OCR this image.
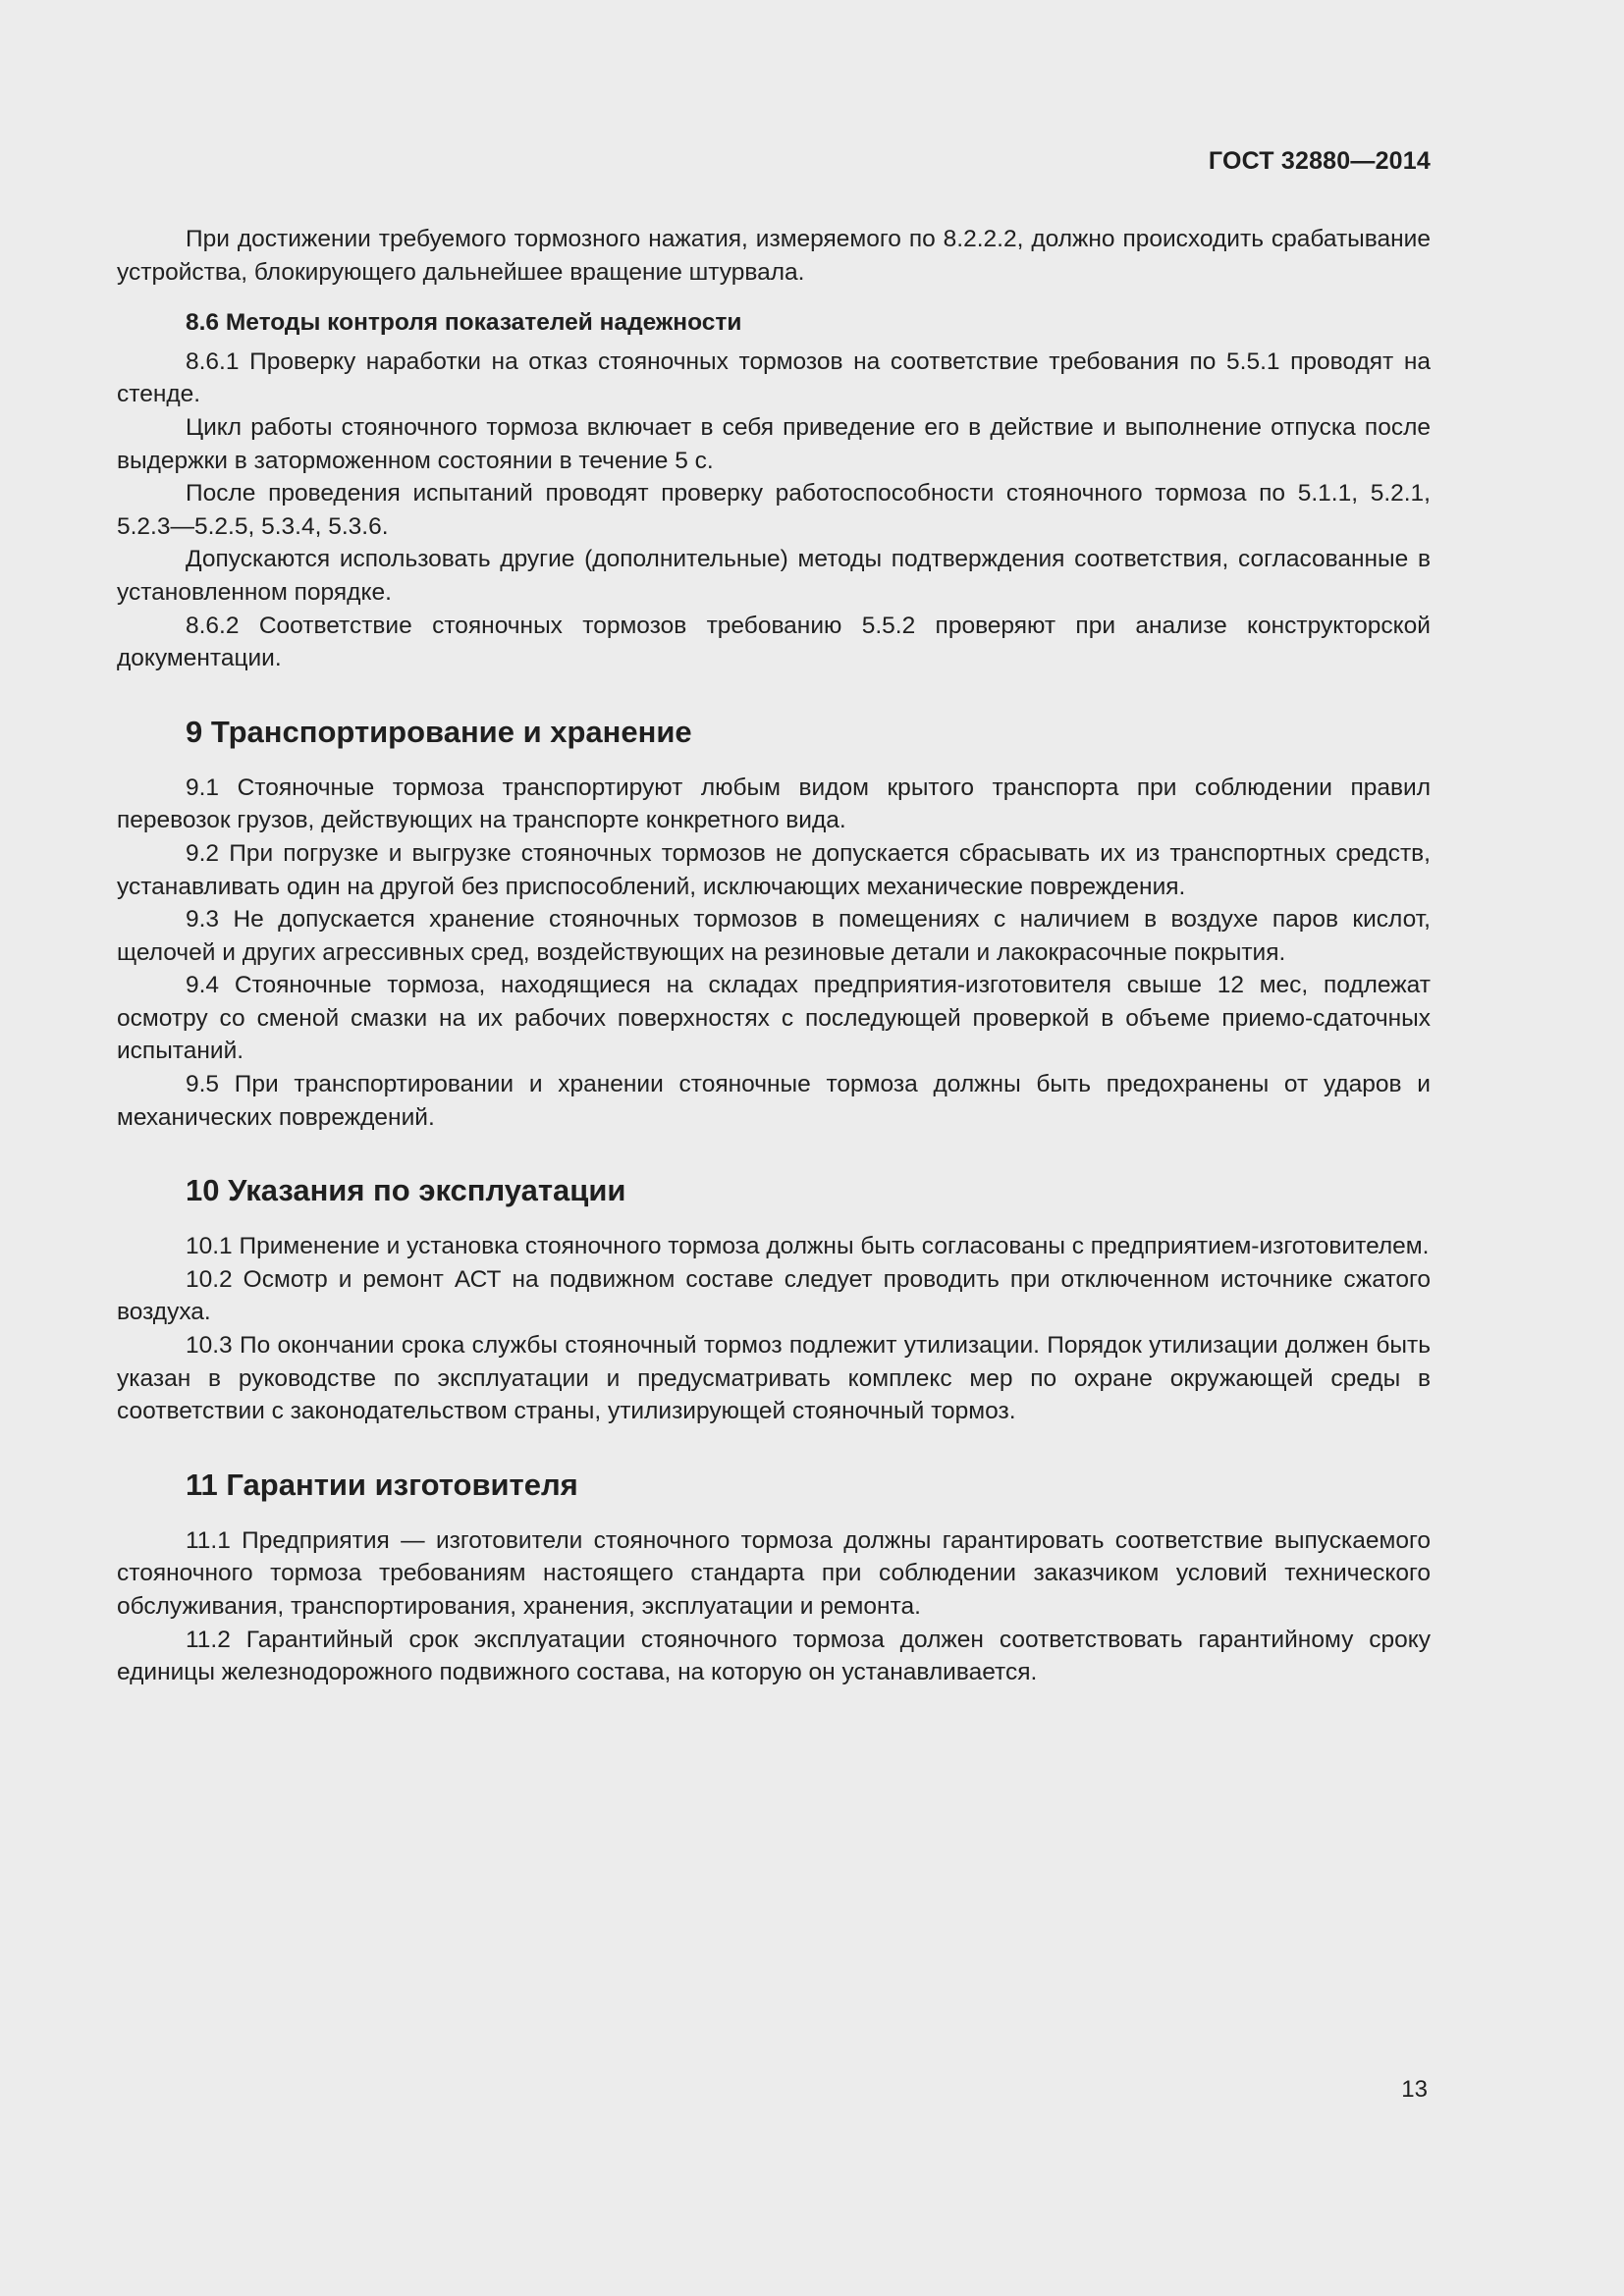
ГОСТ 32880—2014

При достижении требуемого тормозного нажатия, измеряемого по 8.2.2.2, должно происходить срабатывание устройства, блокирующего дальнейшее вращение штурвала.

8.6 Методы контроля показателей надежности

8.6.1 Проверку наработки на отказ стояночных тормозов на соответствие требования по 5.5.1 проводят на стенде.

Цикл работы стояночного тормоза включает в себя приведение его в действие и выполнение отпуска после выдержки в заторможенном состоянии в течение 5 с.

После проведения испытаний проводят проверку работоспособности стояночного тормоза по 5.1.1, 5.2.1, 5.2.3—5.2.5, 5.3.4, 5.3.6.

Допускаются использовать другие (дополнительные) методы подтверждения соответствия, согласованные в установленном порядке.

8.6.2 Соответствие стояночных тормозов требованию 5.5.2 проверяют при анализе конструкторской документации.

9 Транспортирование и хранение

9.1 Стояночные тормоза транспортируют любым видом крытого транспорта при соблюдении правил перевозок грузов, действующих на транспорте конкретного вида.

9.2 При погрузке и выгрузке стояночных тормозов не допускается сбрасывать их из транспортных средств, устанавливать один на другой без приспособлений, исключающих механические повреждения.

9.3 Не допускается хранение стояночных тормозов в помещениях с наличием в воздухе паров кислот, щелочей и других агрессивных сред, воздействующих на резиновые детали и лакокрасочные покрытия.

9.4 Стояночные тормоза, находящиеся на складах предприятия-изготовителя свыше 12 мес, подлежат осмотру со сменой смазки на их рабочих поверхностях с последующей проверкой в объеме приемо-сдаточных испытаний.

9.5 При транспортировании и хранении стояночные тормоза должны быть предохранены от ударов и механических повреждений.

10 Указания по эксплуатации

10.1 Применение и установка стояночного тормоза должны быть согласованы с предприятием-изготовителем.

10.2 Осмотр и ремонт АСТ на подвижном составе следует проводить при отключенном источнике сжатого воздуха.

10.3 По окончании срока службы стояночный тормоз подлежит утилизации. Порядок утилизации должен быть указан в руководстве по эксплуатации и предусматривать комплекс мер по охране окружающей среды в соответствии с законодательством страны, утилизирующей стояночный тормоз.

11 Гарантии изготовителя

11.1 Предприятия — изготовители стояночного тормоза должны гарантировать соответствие выпускаемого стояночного тормоза требованиям настоящего стандарта при соблюдении заказчиком условий технического обслуживания, транспортирования, хранения, эксплуатации и ремонта.

11.2 Гарантийный срок эксплуатации стояночного тормоза должен соответствовать гарантийному сроку единицы железнодорожного подвижного состава, на которую он устанавливается.

13
